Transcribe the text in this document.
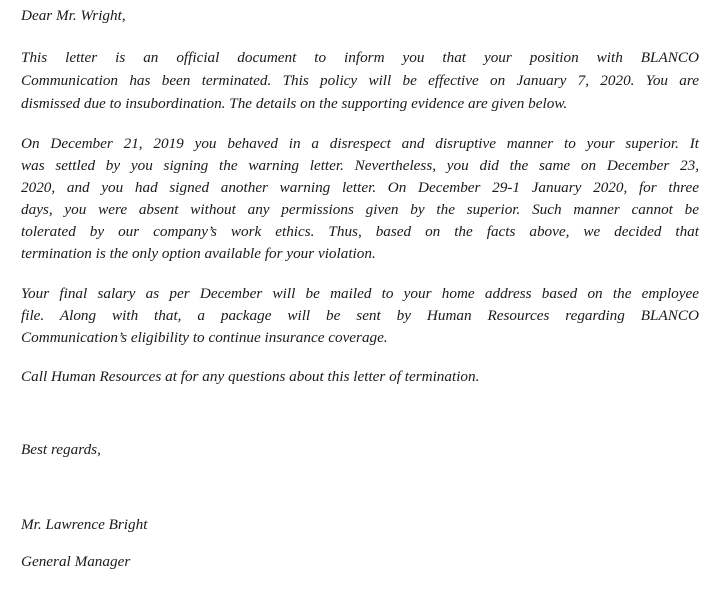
Dear Mr. Wright,
This letter is an official document to inform you that your position with BLANCO
Communication has been terminated. This policy will be effective on January 7, 2020. You are
dismissed due to insubordination. The details on the supporting evidence are given below.
On December 21, 2019 you behaved in a disrespect and disruptive manner to your superior. It
was settled by you signing the warning letter. Nevertheless, you did the same on December 23,
2020, and you had signed another warning letter. On December 29-1 January 2020, for three
days, you were absent without any permissions given by the superior. Such manner cannot be
tolerated by our company’s work ethics. Thus, based on the facts above, we decided that
termination is the only option available for your violation.
Your final salary as per December will be mailed to your home address based on the employee
file. Along with that, a package will be sent by Human Resources regarding BLANCO
Communication’s eligibility to continue insurance coverage.
Call Human Resources at for any questions about this letter of termination.
Best regards,
Mr. Lawrence Bright
General Manager
